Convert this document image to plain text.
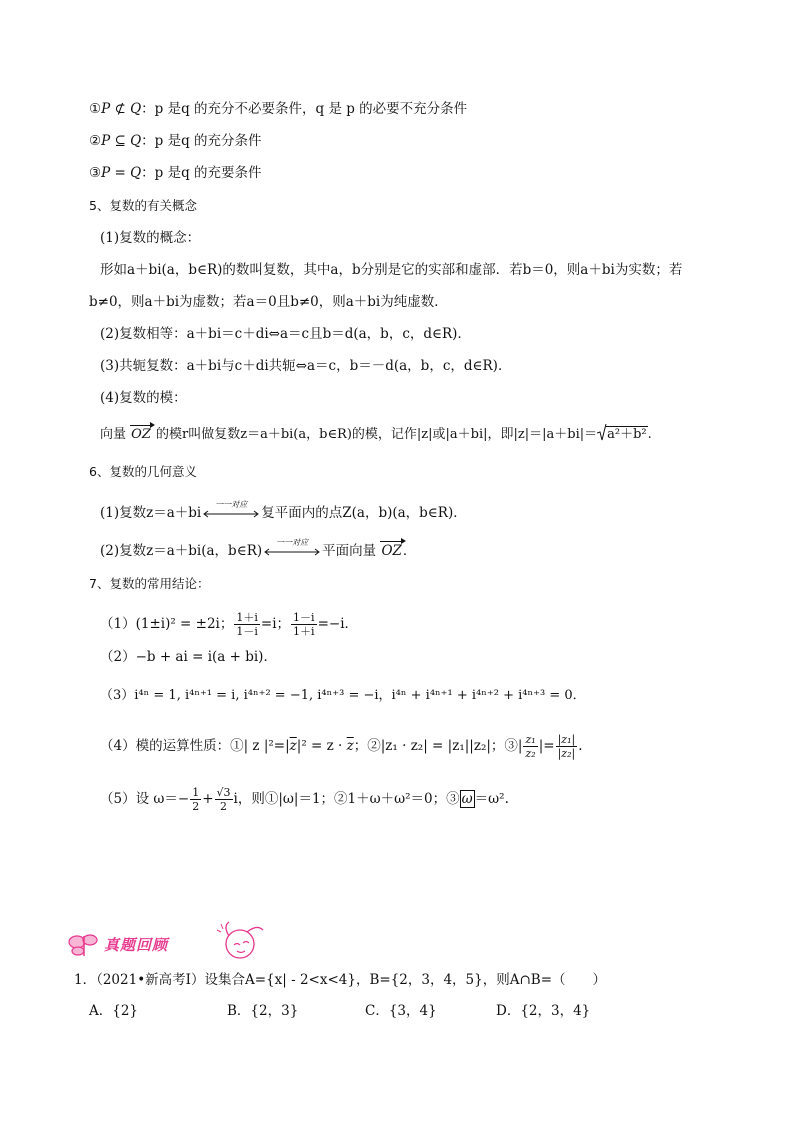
①P ⊄ Q：p 是q 的充分不必要条件，q 是 p 的必要不充分条件
②P ⊆ Q：p 是q 的充分条件
③P = Q：p 是q 的充要条件
5、复数的有关概念
(1)复数的概念：
形如a＋bi(a，b∈R)的数叫复数，其中a，b分别是它的实部和虚部．若b＝0，则a＋bi为实数；若
b≠0，则a＋bi为虚数；若a＝0且b≠0，则a＋bi为纯虚数．
(2)复数相等：a＋bi＝c＋di⇔a＝c且b＝d(a，b，c，d∈R)．
(3)共轭复数：a＋bi与c＋di共轭⇔a＝c，b＝－d(a，b，c，d∈R)．
(4)复数的模：
向量 OZ 的模r叫做复数z＝a＋bi(a，b∈R)的模，记作|z|或|a＋bi|，即|z|＝|a＋bi|＝ a²＋b².
6、复数的几何意义
(1)复数z＝a＋bi
一一对应
复平面内的点Z(a，b)(a，b∈R)．
(2)复数z＝a＋bi(a，b∈R)
一一对应
平面向量 OZ．
7、复数的常用结论：
（1）(1±i)² = ±2i； $\frac{1+i}{1-i} =i$； $\frac{1-i}{1+i} =-i$．
（2）−b + ai = i(a + bi)．
（3）i⁴ⁿ = 1, i⁴ⁿ⁺¹ = i, i⁴ⁿ⁺² = −1, i⁴ⁿ⁺³ = −i，i⁴ⁿ + i⁴ⁿ⁺¹ + i⁴ⁿ⁺² + i⁴ⁿ⁺³ = 0．
（4）模的运算性质：①| z $|^2=|\overline{z}|^2 = z \cdot \overline{z}$；②|z₁ · z₂| = |z₁||z₂|；③| $\frac{\text{z₁}}{\text{z₂}}$ |= $\frac{\text{|z₁|}}{\text{|z₂|}}$ .
（5）设 $\omega=- \frac{1}{2} + \frac{√3}{2}$ i，则①|ω|＝1；②1＋ω＋ω²＝0；③ $\overline{\omega} =\omega^2$.
真题回顾
1．（2021•新高考Ⅰ）设集合A={x| - 2<x<4}，B={2，3，4，5}，则A∩B=（　　）
A．{2}	B．{2，3}	C．{3，4}	D．{2，3，4}
